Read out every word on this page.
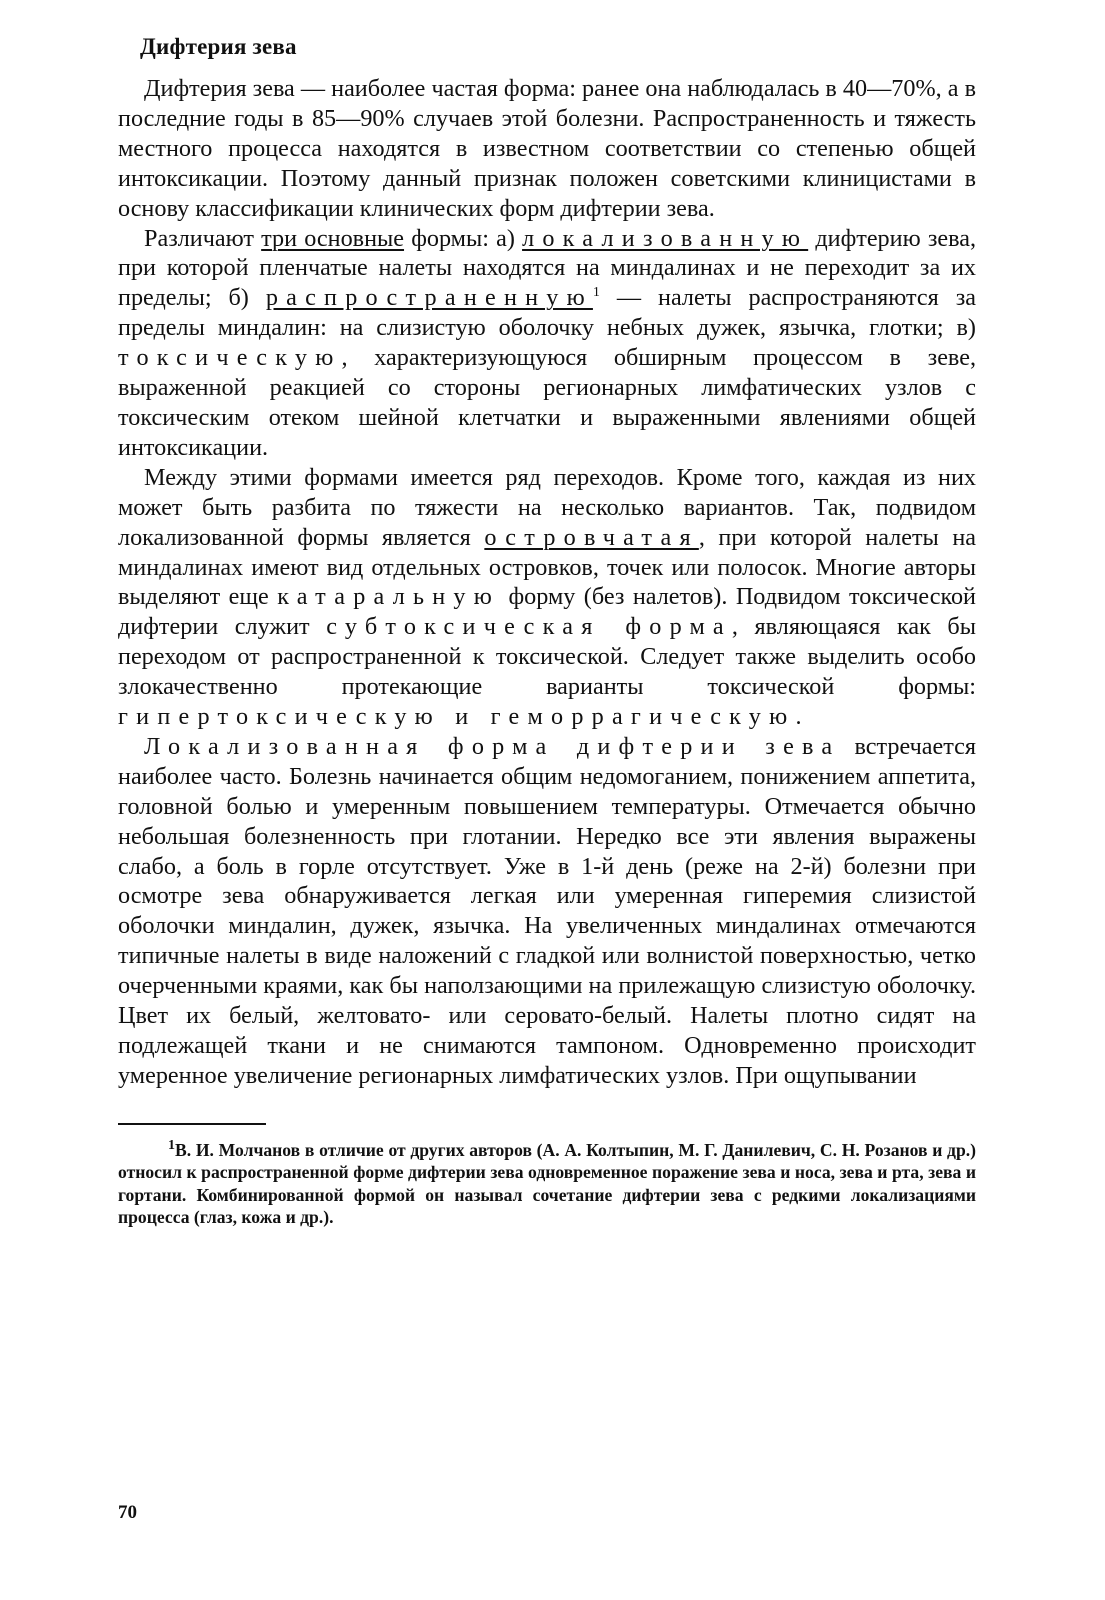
Дифтерия зева

Дифтерия зева — наиболее частая форма: ранее она наблюдалась в 40—70%, а в последние годы в 85—90% случаев этой болезни. Распространенность и тяжесть местного процесса находятся в известном соответствии со степенью общей интоксикации. Поэтому данный признак положен советскими клиницистами в основу классификации клинических форм дифтерии зева.

Различают три основные формы: а) локализованную дифтерию зева, при которой пленчатые налеты находятся на миндалинах и не переходит за их пределы; б) распространенную$^1$ — налеты распространяются за пределы миндалин: на слизистую оболочку небных дужек, язычка, глотки; в) токсическую, характеризующуюся обширным процессом в зеве, выраженной реакцией со стороны регионарных лимфатических узлов с токсическим отеком шейной клетчатки и выраженными явлениями общей интоксикации.

Между этими формами имеется ряд переходов. Кроме того, каждая из них может быть разбита по тяжести на несколько вариантов. Так, подвидом локализованной формы является островчатая, при которой налеты на миндалинах имеют вид отдельных островков, точек или полосок. Многие авторы выделяют еще катаральную форму (без налетов). Подвидом токсической дифтерии служит субтоксическая форма, являющаяся как бы переходом от распространенной к токсической. Следует также выделить особо злокачественно протекающие варианты токсической формы: гипертоксическую и геморрагическую.

Локализованная форма дифтерии зева встречается наиболее часто. Болезнь начинается общим недомоганием, понижением аппетита, головной болью и умеренным повышением температуры. Отмечается обычно небольшая болезненность при глотании. Нередко все эти явления выражены слабо, а боль в горле отсутствует. Уже в 1-й день (реже на 2-й) болезни при осмотре зева обнаруживается легкая или умеренная гиперемия слизистой оболочки миндалин, дужек, язычка. На увеличенных миндалинах отмечаются типичные налеты в виде наложений с гладкой или волнистой поверхностью, четко очерченными краями, как бы наползающими на прилежащую слизистую оболочку. Цвет их белый, желтовато- или серовато-белый. Налеты плотно сидят на подлежащей ткани и не снимаются тампоном. Одновременно происходит умеренное увеличение регионарных лимфатических узлов. При ощупывании

$^1$В. И. Молчанов в отличие от других авторов (А. А. Колтыпин, М. Г. Данилевич, С. Н. Розанов и др.) относил к распространенной форме дифтерии зева одновременное поражение зева и носа, зева и рта, зева и гортани. Комбинированной формой он называл сочетание дифтерии зева с редкими локализациями процесса (глаз, кожа и др.).

70
